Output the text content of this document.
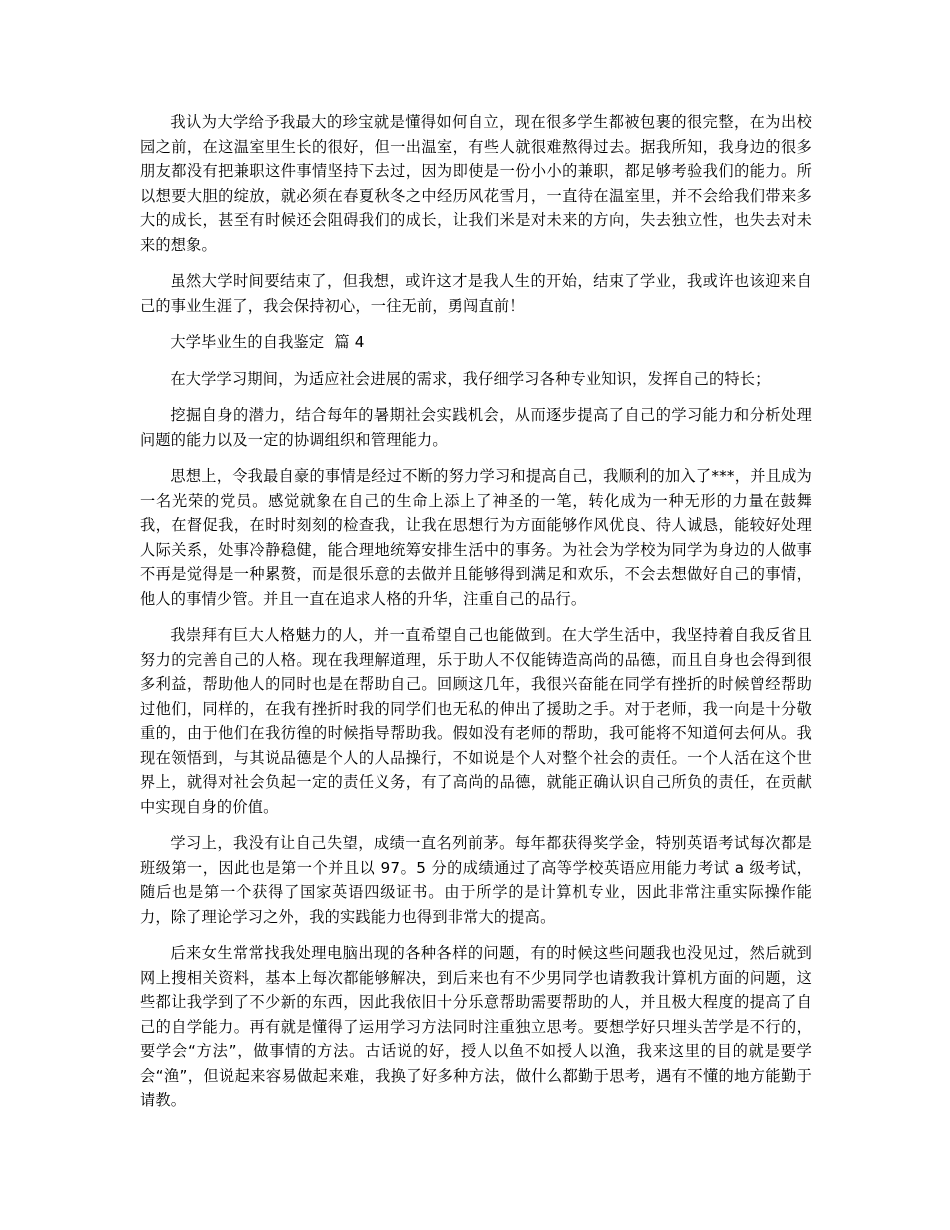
我认为大学给予我最大的珍宝就是懂得如何自立，现在很多学生都被包裹的很完整，在为出校园之前，在这温室里生长的很好，但一出温室，有些人就很难熬得过去。据我所知，我身边的很多朋友都没有把兼职这件事情坚持下去过，因为即使是一份小小的兼职，都足够考验我们的能力。所以想要大胆的绽放，就必须在春夏秋冬之中经历风花雪月，一直待在温室里，并不会给我们带来多大的成长，甚至有时候还会阻碍我们的成长，让我们米是对未来的方向，失去独立性，也失去对未来的想象。

虽然大学时间要结束了，但我想，或许这才是我人生的开始，结束了学业，我或许也该迎来自己的事业生涯了，我会保持初心，一往无前，勇闯直前！

大学毕业生的自我鉴定  篇 4

在大学学习期间，为适应社会进展的需求，我仔细学习各种专业知识，发挥自己的特长；

挖掘自身的潜力，结合每年的暑期社会实践机会，从而逐步提高了自己的学习能力和分析处理问题的能力以及一定的协调组织和管理能力。

思想上，令我最自豪的事情是经过不断的努力学习和提高自己，我顺利的加入了***，并且成为一名光荣的党员。感觉就象在自己的生命上添上了神圣的一笔，转化成为一种无形的力量在鼓舞我，在督促我，在时时刻刻的检查我，让我在思想行为方面能够作风优良、待人诚恳，能较好处理人际关系，处事冷静稳健，能合理地统筹安排生活中的事务。为社会为学校为同学为身边的人做事不再是觉得是一种累赘，而是很乐意的去做并且能够得到满足和欢乐，不会去想做好自己的事情，他人的事情少管。并且一直在追求人格的升华，注重自己的品行。

我崇拜有巨大人格魅力的人，并一直希望自己也能做到。在大学生活中，我坚持着自我反省且努力的完善自己的人格。现在我理解道理，乐于助人不仅能铸造高尚的品德，而且自身也会得到很多利益，帮助他人的同时也是在帮助自己。回顾这几年，我很兴奋能在同学有挫折的时候曾经帮助过他们，同样的，在我有挫折时我的同学们也无私的伸出了援助之手。对于老师，我一向是十分敬重的，由于他们在我彷徨的时候指导帮助我。假如没有老师的帮助，我可能将不知道何去何从。我现在领悟到，与其说品德是个人的人品操行，不如说是个人对整个社会的责任。一个人活在这个世界上，就得对社会负起一定的责任义务，有了高尚的品德，就能正确认识自己所负的责任，在贡献中实现自身的价值。

学习上，我没有让自己失望，成绩一直名列前茅。每年都获得奖学金，特别英语考试每次都是班级第一，因此也是第一个并且以 97。5 分的成绩通过了高等学校英语应用能力考试 a 级考试，随后也是第一个获得了国家英语四级证书。由于所学的是计算机专业，因此非常注重实际操作能力，除了理论学习之外，我的实践能力也得到非常大的提高。

后来女生常常找我处理电脑出现的各种各样的问题，有的时候这些问题我也没见过，然后就到网上搜相关资料，基本上每次都能够解决，到后来也有不少男同学也请教我计算机方面的问题，这些都让我学到了不少新的东西，因此我依旧十分乐意帮助需要帮助的人，并且极大程度的提高了自己的自学能力。再有就是懂得了运用学习方法同时注重独立思考。要想学好只埋头苦学是不行的，要学会“方法”，做事情的方法。古话说的好，授人以鱼不如授人以渔，我来这里的目的就是要学会“渔”，但说起来容易做起来难，我换了好多种方法，做什么都勤于思考，遇有不懂的地方能勤于请教。
